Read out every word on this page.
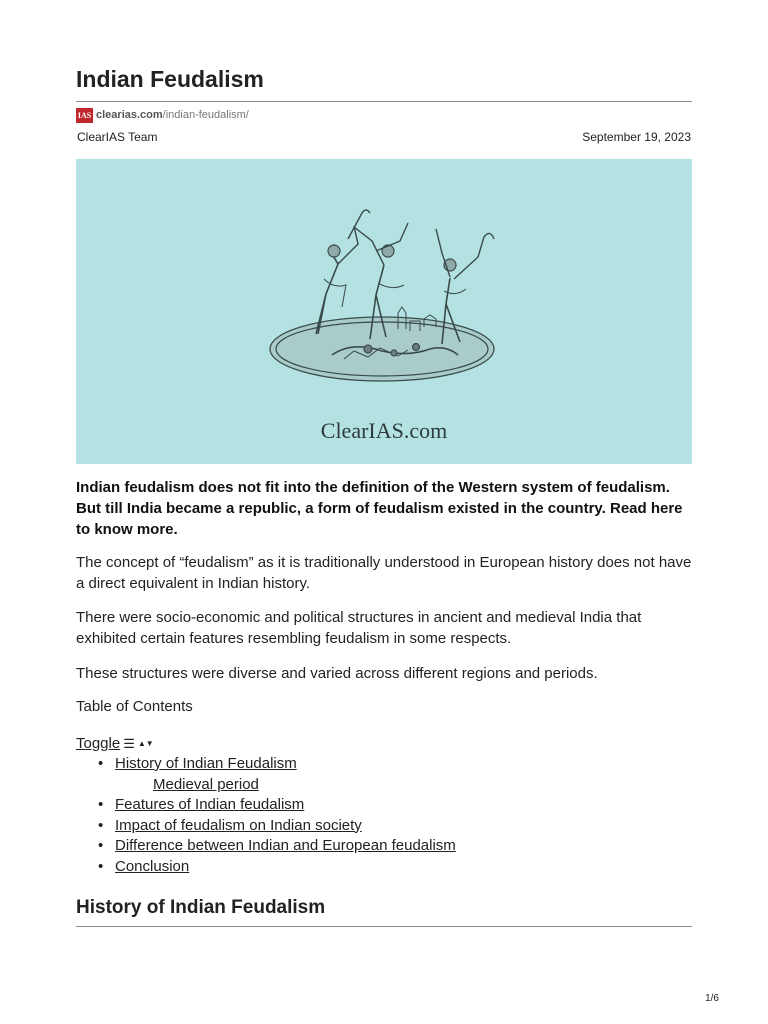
Indian Feudalism
IAS clearias.com /indian-feudalism/
ClearIAS Team	September 19, 2023
ClearIAS.com

Indian feudalism does not fit into the definition of the Western system of feudalism. But till India became a republic, a form of feudalism existed in the country. Read here to know more.

The concept of “feudalism” as it is traditionally understood in European history does not have a direct equivalent in Indian history.

There were socio-economic and political structures in ancient and medieval India that exhibited certain features resembling feudalism in some respects.

These structures were diverse and varied across different regions and periods.

Table of Contents
Toggle ☰ ▲▼
• History of Indian Feudalism
Medieval period
• Features of Indian feudalism
• Impact of feudalism on Indian society
• Difference between Indian and European feudalism
• Conclusion
History of Indian Feudalism
1/6
